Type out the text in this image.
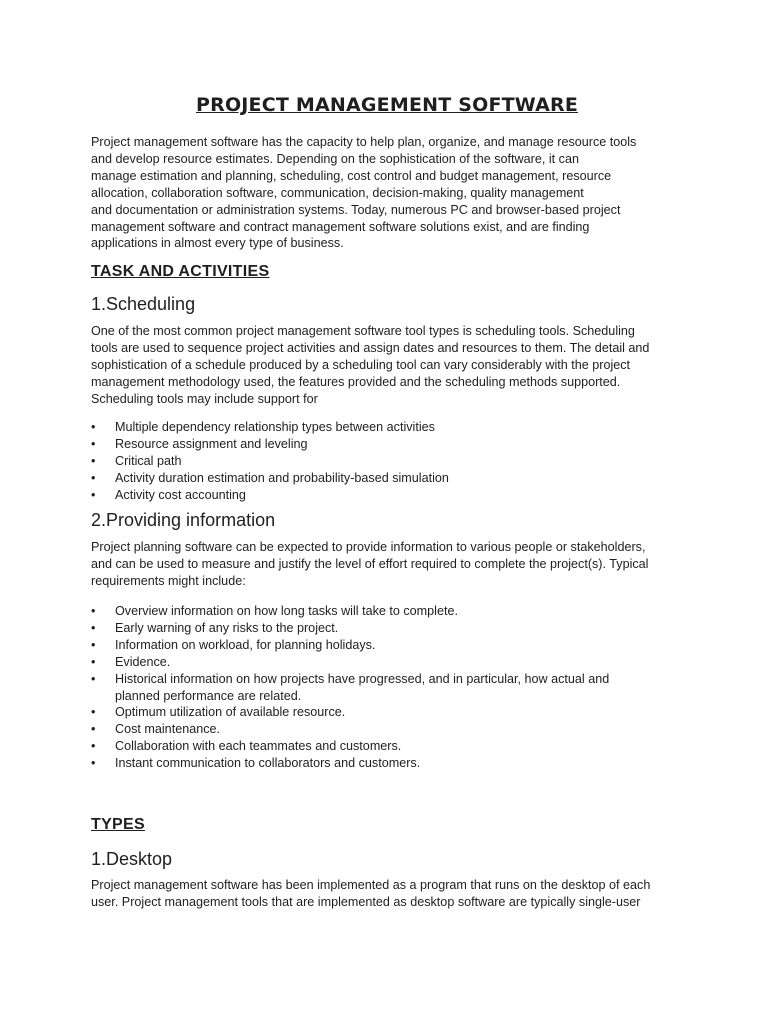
PROJECT MANAGEMENT SOFTWARE
Project management software has the capacity to help plan, organize, and manage resource tools
and develop resource estimates. Depending on the sophistication of the software, it can
manage estimation and planning, scheduling, cost control and budget management, resource
allocation, collaboration software, communication, decision-making, quality management
and documentation or administration systems. Today, numerous PC and browser-based project
management software and contract management software solutions exist, and are finding
applications in almost every type of business.
TASK AND ACTIVITIES
1.Scheduling
One of the most common project management software tool types is scheduling tools. Scheduling
tools are used to sequence project activities and assign dates and resources to them. The detail and
sophistication of a schedule produced by a scheduling tool can vary considerably with the project
management methodology used, the features provided and the scheduling methods supported.
Scheduling tools may include support for
• Multiple dependency relationship types between activities
• Resource assignment and leveling
• Critical path
• Activity duration estimation and probability-based simulation
• Activity cost accounting
2.Providing information
Project planning software can be expected to provide information to various people or stakeholders,
and can be used to measure and justify the level of effort required to complete the project(s). Typical
requirements might include:
• Overview information on how long tasks will take to complete.
• Early warning of any risks to the project.
• Information on workload, for planning holidays.
• Evidence.
• Historical information on how projects have progressed, and in particular, how actual and
planned performance are related.
• Optimum utilization of available resource.
• Cost maintenance.
• Collaboration with each teammates and customers.
• Instant communication to collaborators and customers.
TYPES
1.Desktop
Project management software has been implemented as a program that runs on the desktop of each
user. Project management tools that are implemented as desktop software are typically single-user
